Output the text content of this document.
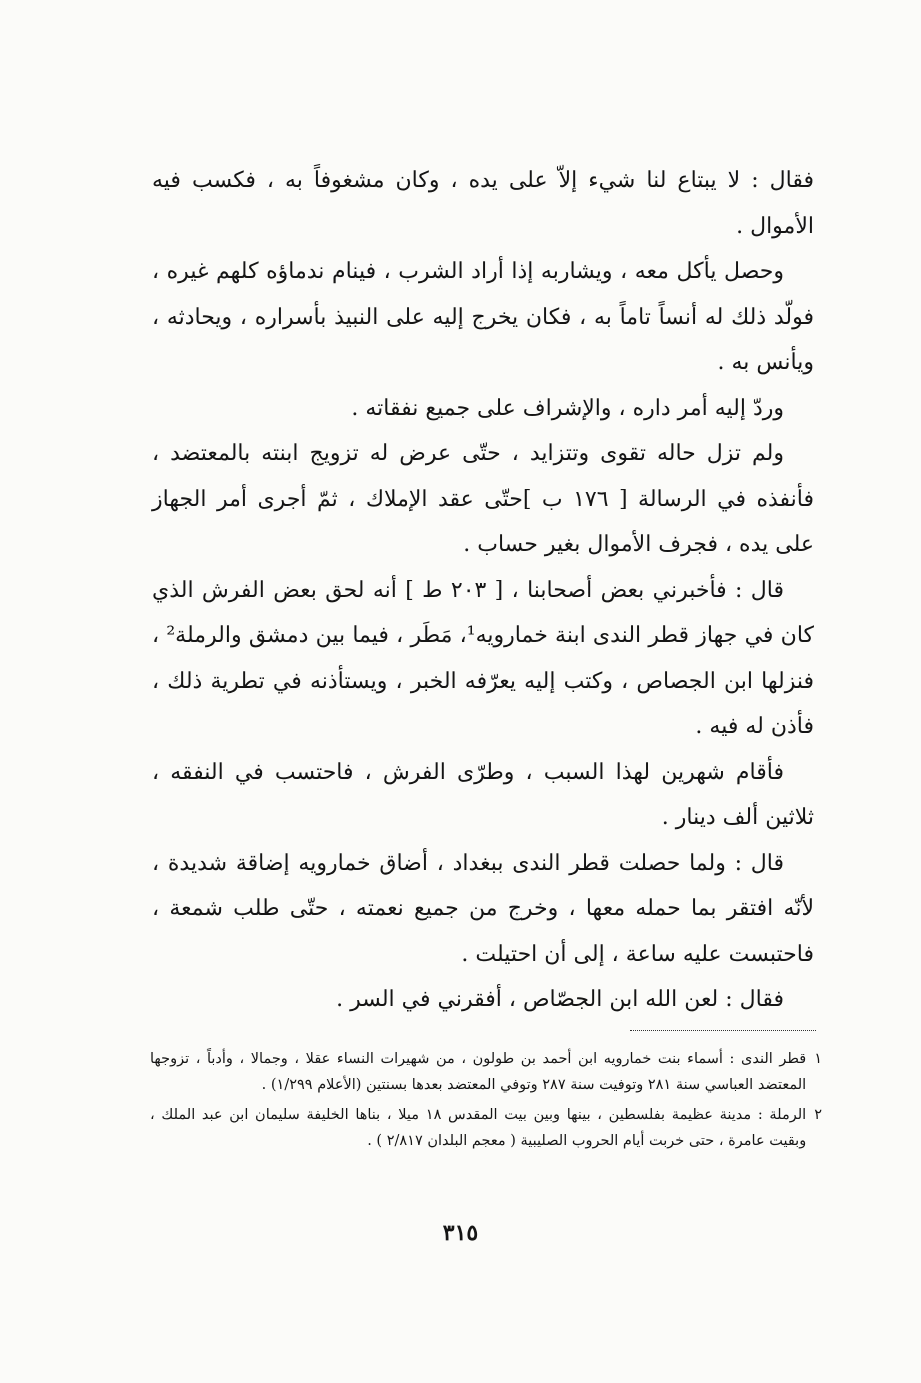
فقال : لا يبتاع لنا شيء إلاّ على يده ، وكان مشغوفاً به ، فكسب فيه الأموال .

وحصل يأكل معه ، ويشاربه إذا أراد الشرب ، فينام ندماؤه كلهم غيره ، فولّد ذلك له أنساً تاماً به ، فكان يخرج إليه على النبيذ بأسراره ، ويحادثه ، ويأنس به .

وردّ إليه أمر داره ، والإشراف على جميع نفقاته .

ولم تزل حاله تقوى وتتزايد ، حتّى عرض له تزويج ابنته بالمعتضد ، فأنفذه في الرسالة [ ١٧٦ ب ]حتّى عقد الإملاك ، ثمّ أجرى أمر الجهاز على يده ، فجرف الأموال بغير حساب .

قال : فأخبرني بعض أصحابنا ، [ ٢٠٣ ط ] أنه لحق بعض الفرش الذي كان في جهاز قطر الندى ابنة خمارويه¹، مَطَر ، فيما بين دمشق والرملة² ، فنزلها ابن الجصاص ، وكتب إليه يعرّفه الخبر ، ويستأذنه في تطرية ذلك ، فأذن له فيه .

فأقام شهرين لهذا السبب ، وطرّى الفرش ، فاحتسب في النفقه ، ثلاثين ألف دينار .

قال : ولما حصلت قطر الندى ببغداد ، أضاق خمارويه إضاقة شديدة ، لأنّه افتقر بما حمله معها ، وخرج من جميع نعمته ، حتّى طلب شمعة ، فاحتبست عليه ساعة ، إلى أن احتيلت .

فقال : لعن الله ابن الجصّاص ، أفقرني في السر .

١
قطر الندى : أسماء بنت خمارويه ابن أحمد بن طولون ، من شهيرات النساء عقلا ، وجمالا ، وأدباً ، تزوجها المعتضد العباسي سنة ٢٨١ وتوفيت سنة ٢٨٧ وتوفي المعتضد بعدها بسنتين (الأعلام ١/٢٩٩) .
٢
الرملة : مدينة عظيمة بفلسطين ، بينها وبين بيت المقدس ١٨ ميلا ، بناها الخليفة سليمان ابن عبد الملك ، وبقيت عامرة ، حتى خربت أيام الحروب الصليبية ( معجم البلدان ٢/٨١٧ ) .
٣١٥
